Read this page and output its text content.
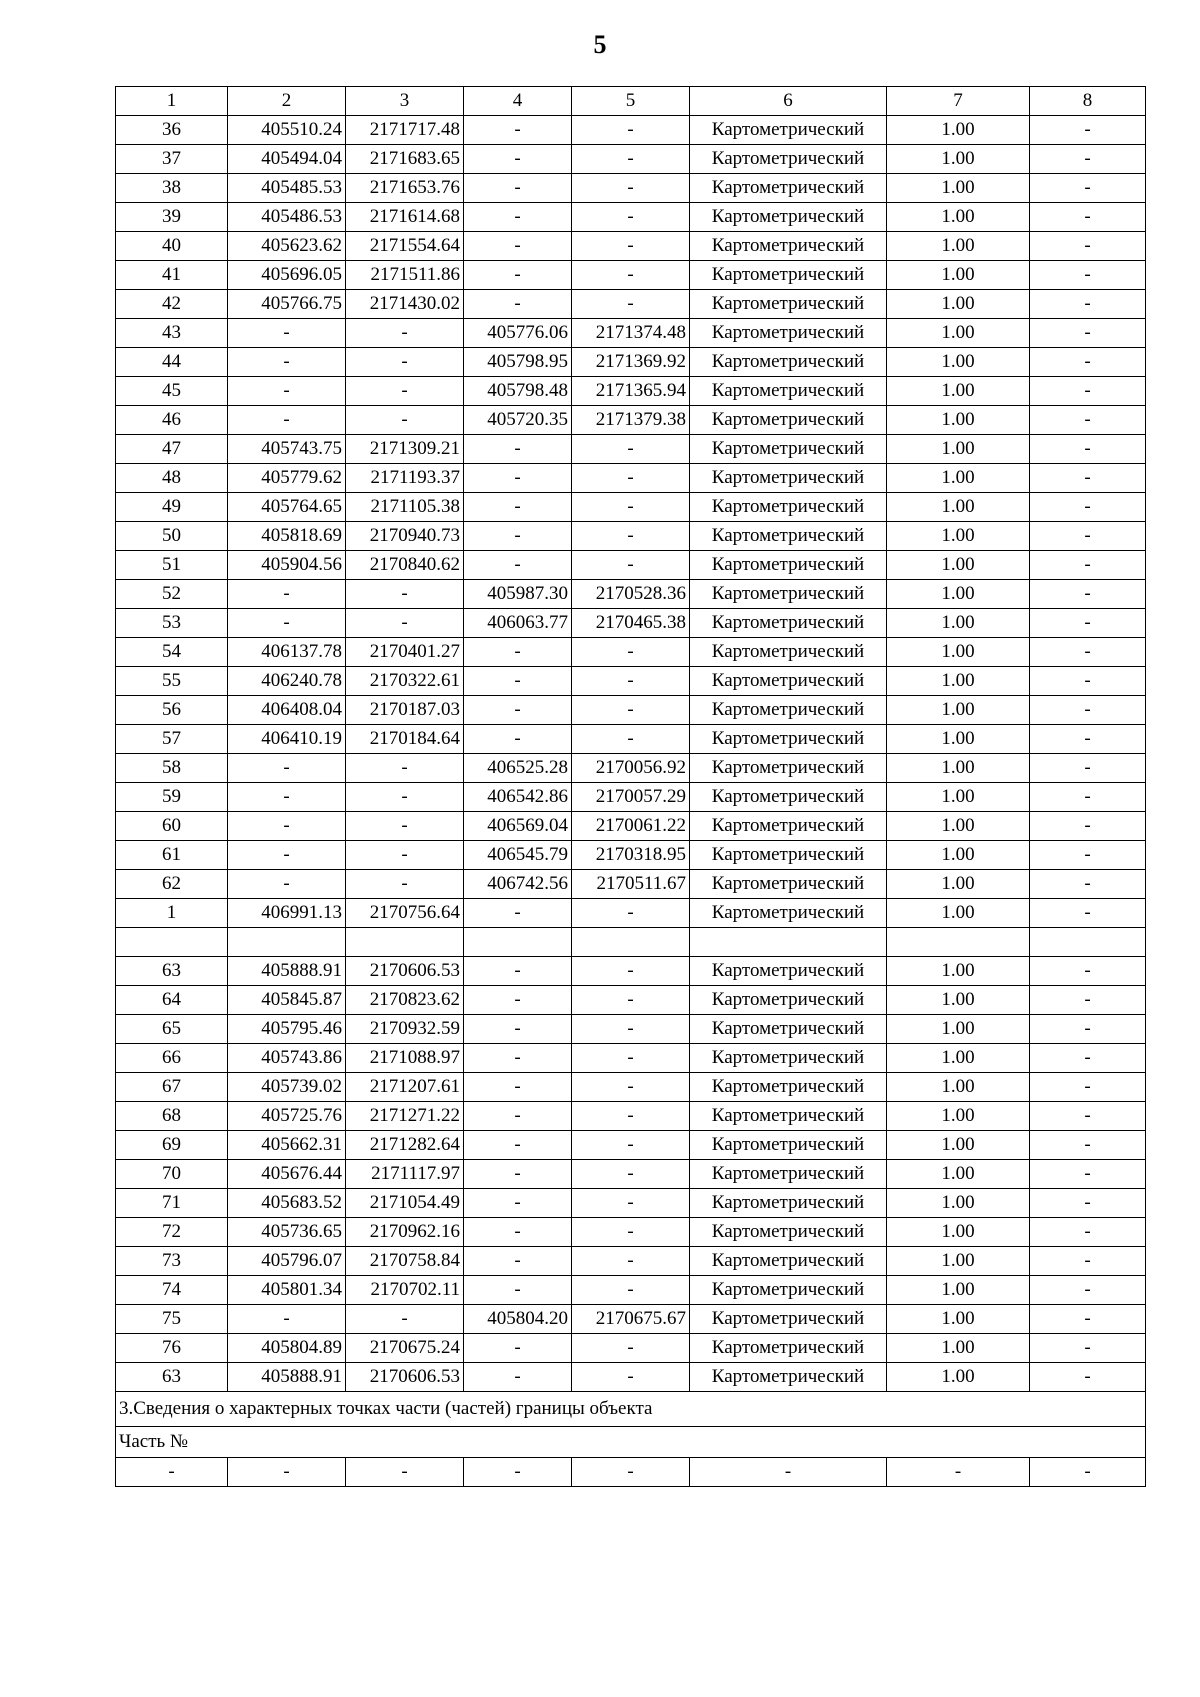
5
1	2	3	4	5	6	7	8
36	405510.24	2171717.48	-	-	Картометрический	1.00	-
37	405494.04	2171683.65	-	-	Картометрический	1.00	-
38	405485.53	2171653.76	-	-	Картометрический	1.00	-
39	405486.53	2171614.68	-	-	Картометрический	1.00	-
40	405623.62	2171554.64	-	-	Картометрический	1.00	-
41	405696.05	2171511.86	-	-	Картометрический	1.00	-
42	405766.75	2171430.02	-	-	Картометрический	1.00	-
43	-	-	405776.06	2171374.48	Картометрический	1.00	-
44	-	-	405798.95	2171369.92	Картометрический	1.00	-
45	-	-	405798.48	2171365.94	Картометрический	1.00	-
46	-	-	405720.35	2171379.38	Картометрический	1.00	-
47	405743.75	2171309.21	-	-	Картометрический	1.00	-
48	405779.62	2171193.37	-	-	Картометрический	1.00	-
49	405764.65	2171105.38	-	-	Картометрический	1.00	-
50	405818.69	2170940.73	-	-	Картометрический	1.00	-
51	405904.56	2170840.62	-	-	Картометрический	1.00	-
52	-	-	405987.30	2170528.36	Картометрический	1.00	-
53	-	-	406063.77	2170465.38	Картометрический	1.00	-
54	406137.78	2170401.27	-	-	Картометрический	1.00	-
55	406240.78	2170322.61	-	-	Картометрический	1.00	-
56	406408.04	2170187.03	-	-	Картометрический	1.00	-
57	406410.19	2170184.64	-	-	Картометрический	1.00	-
58	-	-	406525.28	2170056.92	Картометрический	1.00	-
59	-	-	406542.86	2170057.29	Картометрический	1.00	-
60	-	-	406569.04	2170061.22	Картометрический	1.00	-
61	-	-	406545.79	2170318.95	Картометрический	1.00	-
62	-	-	406742.56	2170511.67	Картометрический	1.00	-
1	406991.13	2170756.64	-	-	Картометрический	1.00	-

63	405888.91	2170606.53	-	-	Картометрический	1.00	-
64	405845.87	2170823.62	-	-	Картометрический	1.00	-
65	405795.46	2170932.59	-	-	Картометрический	1.00	-
66	405743.86	2171088.97	-	-	Картометрический	1.00	-
67	405739.02	2171207.61	-	-	Картометрический	1.00	-
68	405725.76	2171271.22	-	-	Картометрический	1.00	-
69	405662.31	2171282.64	-	-	Картометрический	1.00	-
70	405676.44	2171117.97	-	-	Картометрический	1.00	-
71	405683.52	2171054.49	-	-	Картометрический	1.00	-
72	405736.65	2170962.16	-	-	Картометрический	1.00	-
73	405796.07	2170758.84	-	-	Картометрический	1.00	-
74	405801.34	2170702.11	-	-	Картометрический	1.00	-
75	-	-	405804.20	2170675.67	Картометрический	1.00	-
76	405804.89	2170675.24	-	-	Картометрический	1.00	-
63	405888.91	2170606.53	-	-	Картометрический	1.00	-
3.Сведения о характерных точках части (частей) границы объекта							
Часть №							
-	-	-	-	-	-	-	-
